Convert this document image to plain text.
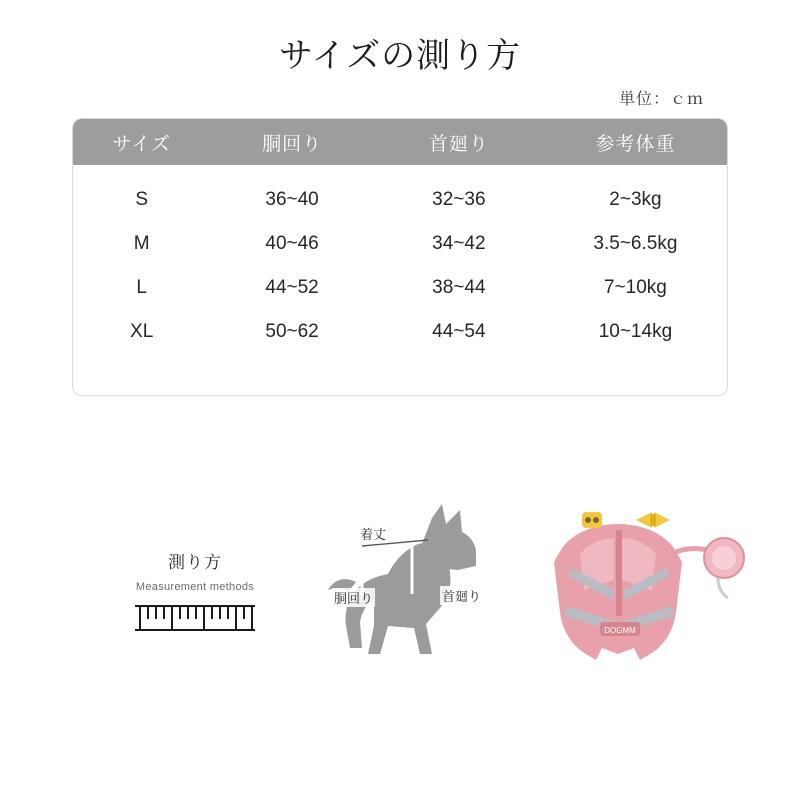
サイズの測り方
単位：ｃｍ
サイズ	胴回り	首廻り	参考体重
S	36~40	32~36	2~3kg
M	40~46	34~42	3.5~6.5kg
L	44~52	38~44	7~10kg
XL	50~62	44~54	10~14kg
測り方
Measurement methods
着丈
胴回り	首廻り
DOGMM
